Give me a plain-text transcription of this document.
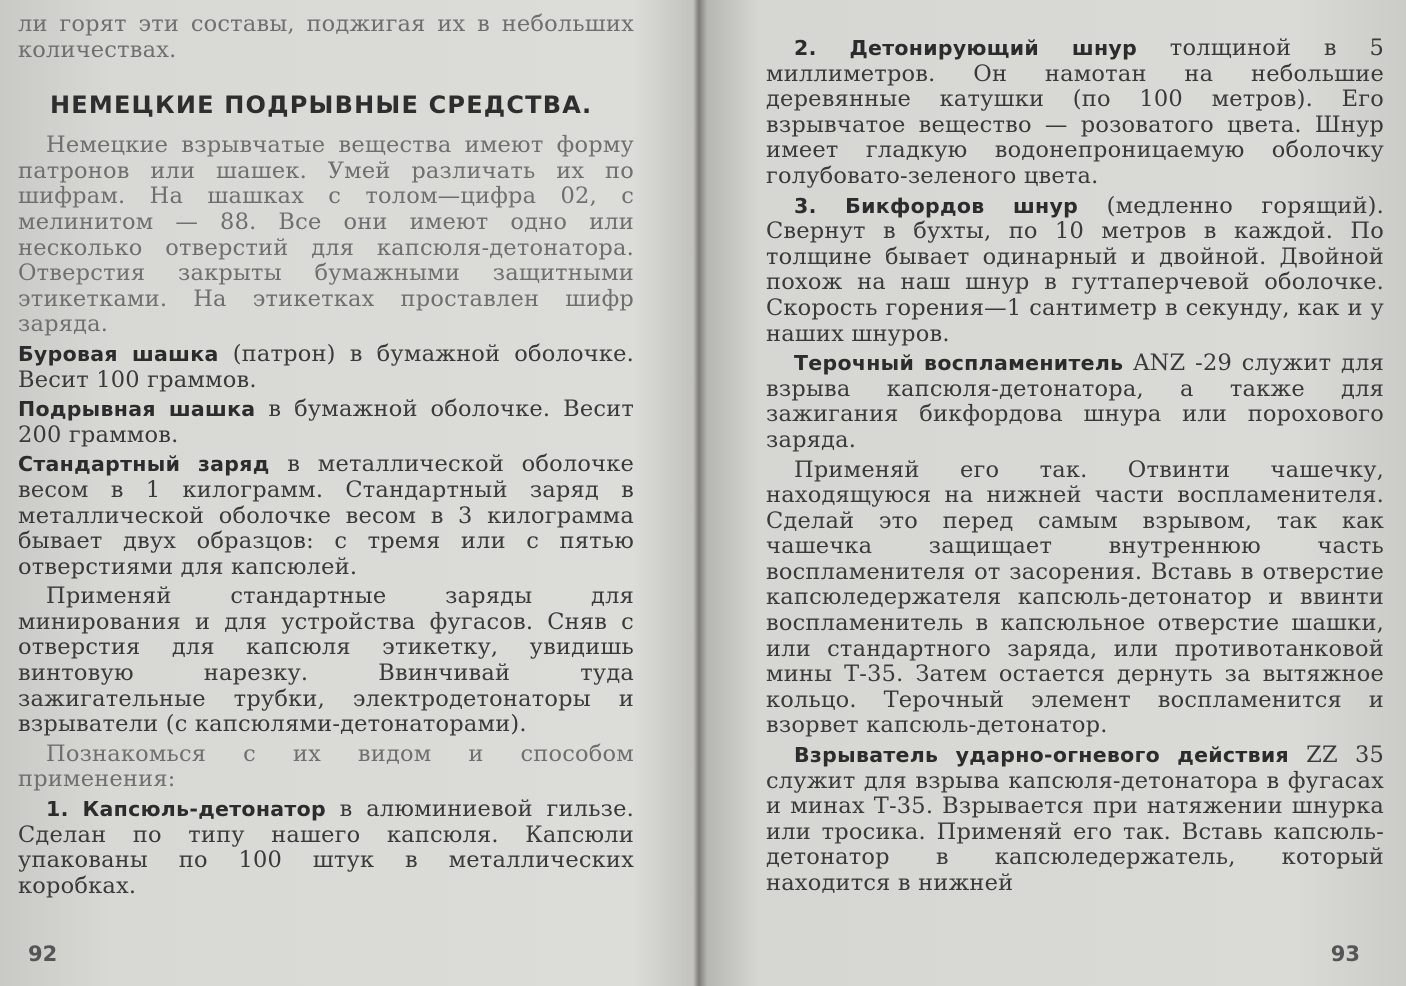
ли горят эти составы, поджигая их в небольших количествах.

НЕМЕЦКИЕ ПОДРЫВНЫЕ СРЕДСТВА.

Немецкие взрывчатые вещества имеют форму патронов или шашек. Умей различать их по шифрам. На шашках с толом—цифра 02, с мелинитом — 88. Все они имеют одно или несколько отверстий для капсюля-детонатора. Отверстия закрыты бумажными защитными этикетками. На этикетках проставлен шифр заряда.

Буровая шашка (патрон) в бумажной оболочке. Весит 100 граммов.

Подрывная шашка в бумажной оболочке. Весит 200 граммов.

Стандартный заряд в металлической оболочке весом в 1 килограмм. Стандартный заряд в металлической оболочке весом в 3 килограмма бывает двух образцов: с тремя или с пятью отверстиями для капсюлей.

Применяй стандартные заряды для минирования и для устройства фугасов. Сняв с отверстия для капсюля этикетку, увидишь винтовую нарезку. Ввинчивай туда зажигательные трубки, электродетонаторы и взрыватели (с капсюлями-детонаторами).

Познакомься с их видом и способом применения:

1. Капсюль-детонатор в алюминиевой гильзе. Сделан по типу нашего капсюля. Капсюли упакованы по 100 штук в металлических коробках.

92

2. Детонирующий шнур толщиной в 5 миллиметров. Он намотан на небольшие деревянные катушки (по 100 метров). Его взрывчатое вещество — розоватого цвета. Шнур имеет гладкую водонепроницаемую оболочку голубовато-зеленого цвета.

3. Бикфордов шнур (медленно горящий). Свернут в бухты, по 10 метров в каждой. По толщине бывает одинарный и двойной. Двойной похож на наш шнур в гуттаперчевой оболочке. Скорость горения—1 сантиметр в секунду, как и у наших шнуров.

Терочный воспламенитель ANZ -29 служит для взрыва капсюля-детонатора, а также для зажигания бикфордова шнура или порохового заряда.

Применяй его так. Отвинти чашечку, находящуюся на нижней части воспламенителя. Сделай это перед самым взрывом, так как чашечка защищает внутреннюю часть воспламенителя от засорения. Вставь в отверстие капсюледержателя капсюль-детонатор и ввинти воспламенитель в капсюльное отверстие шашки, или стандартного заряда, или противотанковой мины Т-35. Затем остается дернуть за вытяжное кольцо. Терочный элемент воспламенится и взорвет капсюль-детонатор.

Взрыватель ударно-огневого действия ZZ 35 служит для взрыва капсюля-детонатора в фугасах и минах Т-35. Взрывается при натяжении шнурка или тросика. Применяй его так. Вставь капсюль-детонатор в капсюледержатель, который находится в нижней

93
